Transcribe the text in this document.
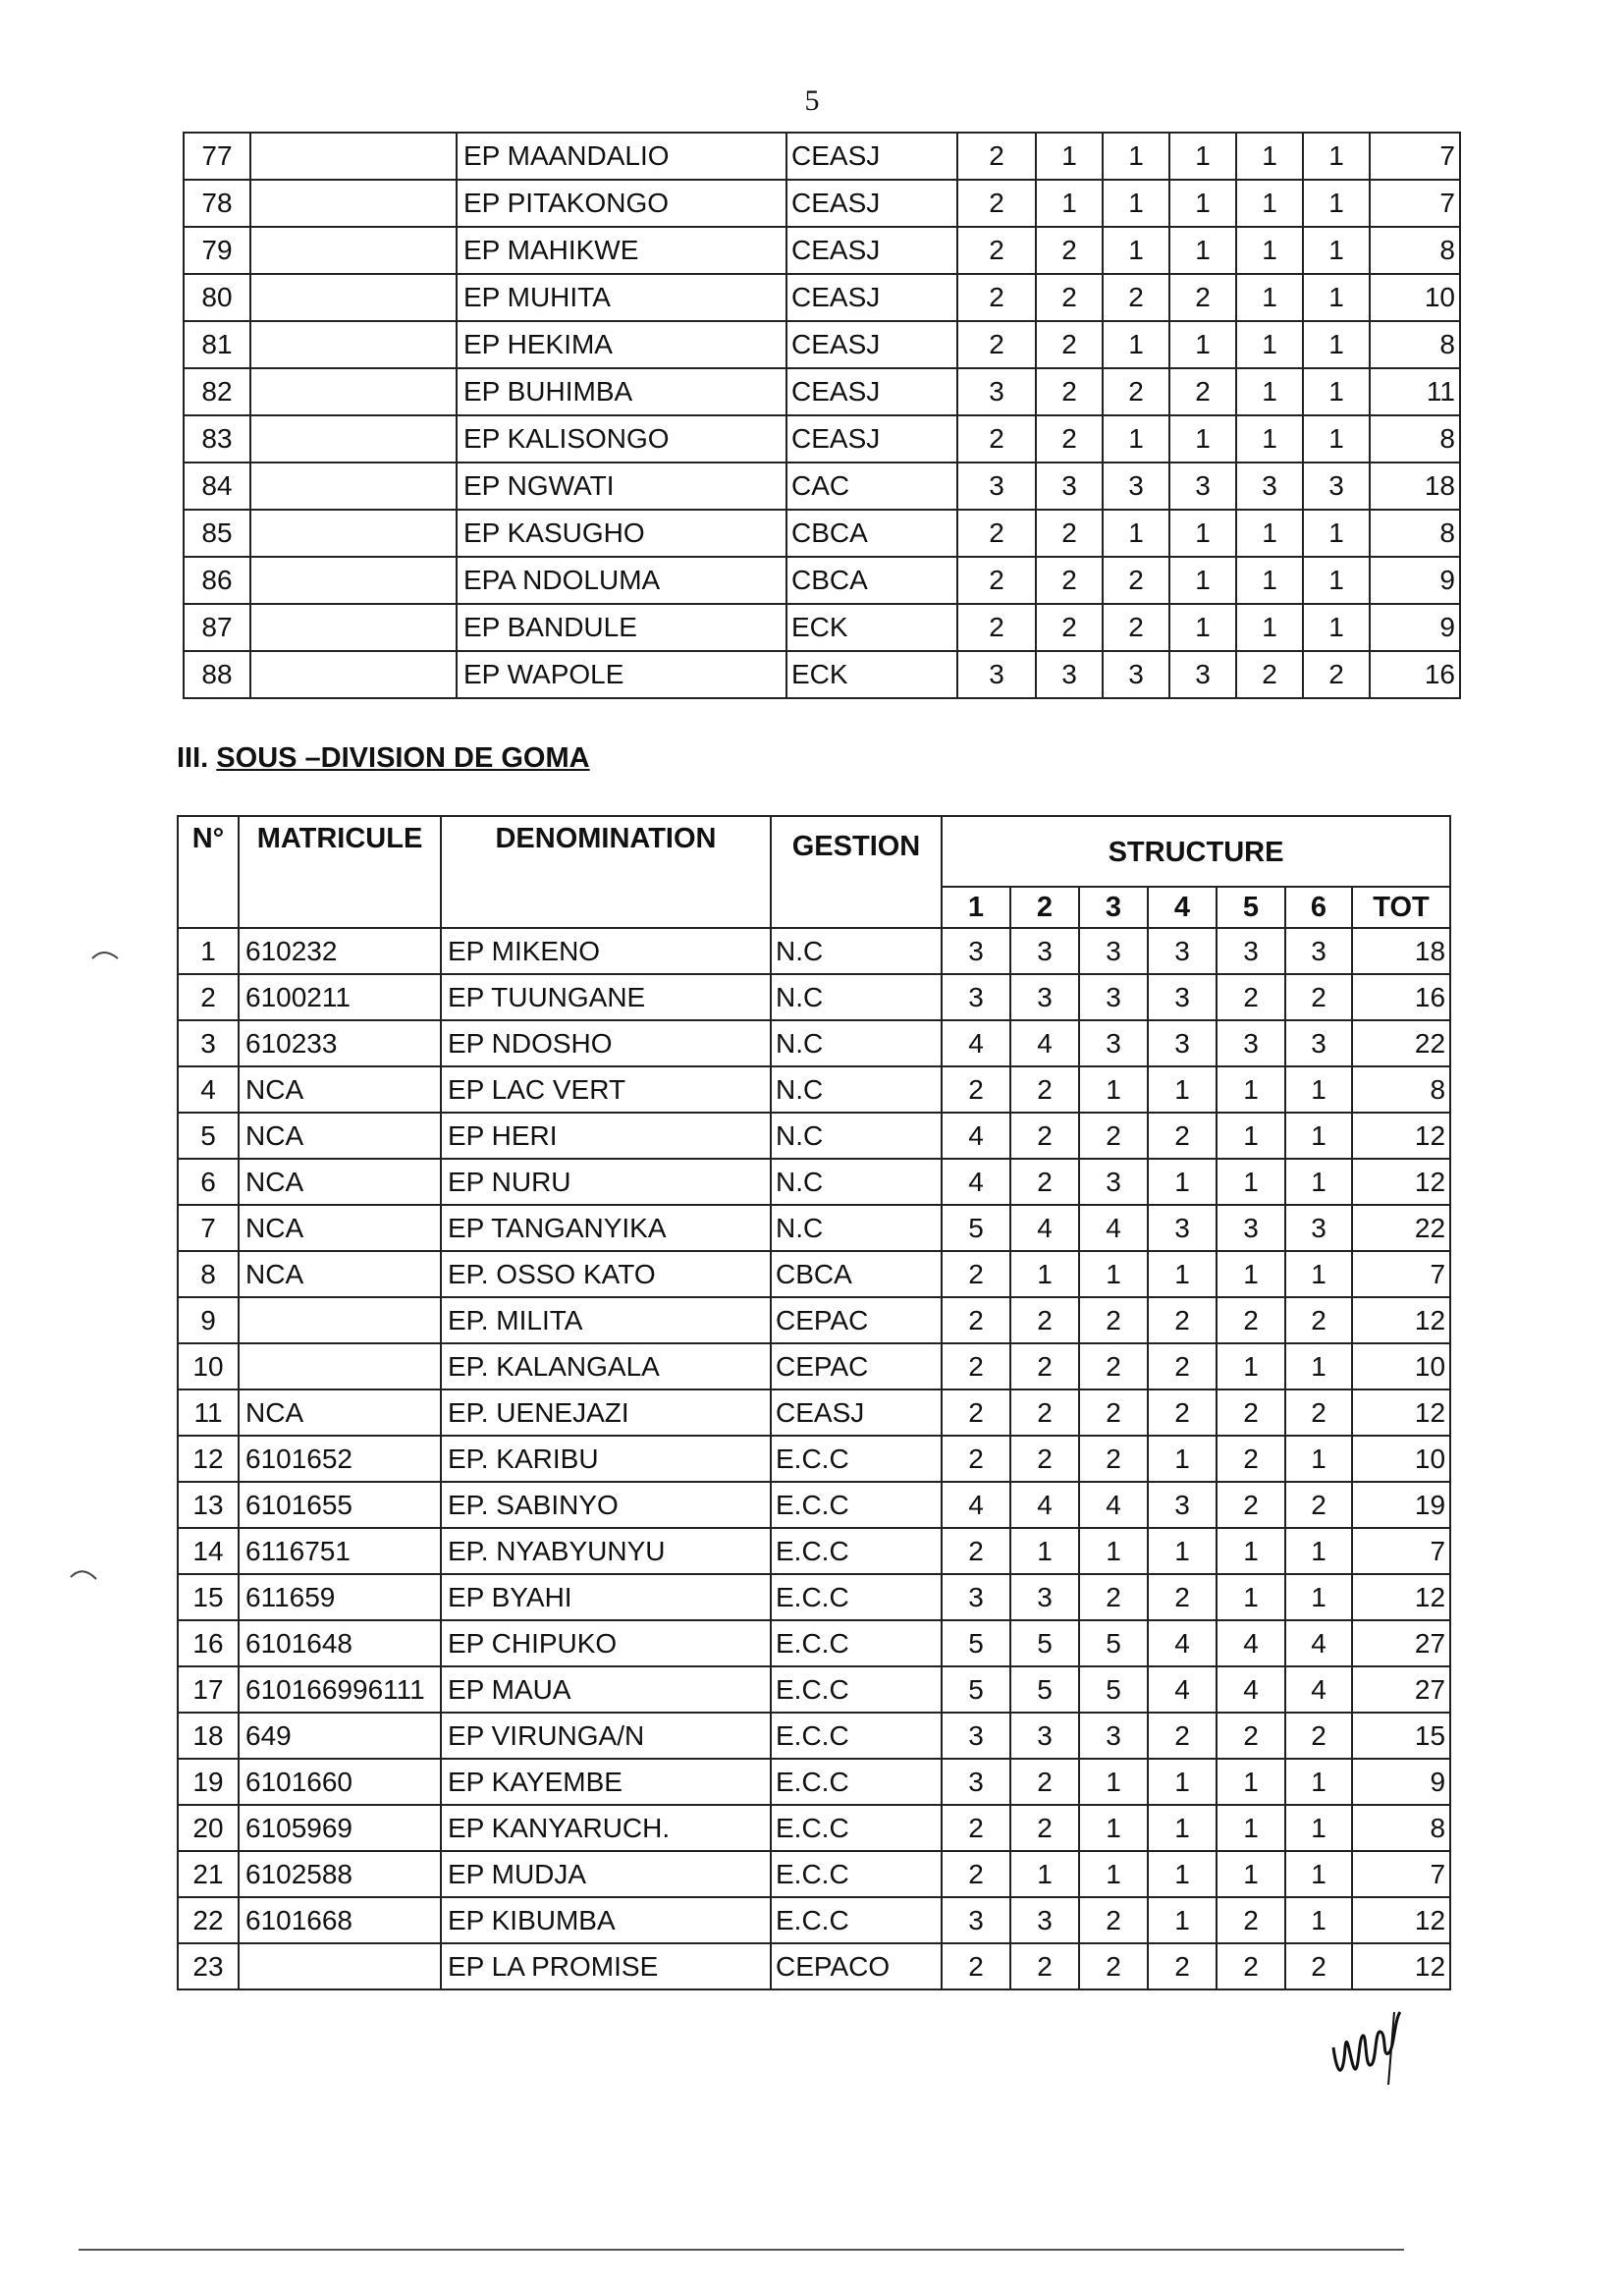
5
77		EP MAANDALIO	CEASJ	2	1	1	1	1	1	7
78		EP PITAKONGO	CEASJ	2	1	1	1	1	1	7
79		EP MAHIKWE	CEASJ	2	2	1	1	1	1	8
80		EP MUHITA	CEASJ	2	2	2	2	1	1	10
81		EP HEKIMA	CEASJ	2	2	1	1	1	1	8
82		EP BUHIMBA	CEASJ	3	2	2	2	1	1	11
83		EP KALISONGO	CEASJ	2	2	1	1	1	1	8
84		EP NGWATI	CAC	3	3	3	3	3	3	18
85		EP KASUGHO	CBCA	2	2	1	1	1	1	8
86		EPA NDOLUMA	CBCA	2	2	2	1	1	1	9
87		EP BANDULE	ECK	2	2	2	1	1	1	9
88		EP WAPOLE	ECK	3	3	3	3	2	2	16
III. SOUS –DIVISION DE GOMA
N°	MATRICULE	DENOMINATION	GESTION	STRUCTURE						
				1	2	3	4	5	6	TOT
1	610232	EP MIKENO	N.C	3	3	3	3	3	3	18
2	6100211	EP TUUNGANE	N.C	3	3	3	3	2	2	16
3	610233	EP NDOSHO	N.C	4	4	3	3	3	3	22
4	NCA	EP LAC VERT	N.C	2	2	1	1	1	1	8
5	NCA	EP HERI	N.C	4	2	2	2	1	1	12
6	NCA	EP NURU	N.C	4	2	3	1	1	1	12
7	NCA	EP TANGANYIKA	N.C	5	4	4	3	3	3	22
8	NCA	EP. OSSO KATO	CBCA	2	1	1	1	1	1	7
9		EP. MILITA	CEPAC	2	2	2	2	2	2	12
10		EP. KALANGALA	CEPAC	2	2	2	2	1	1	10
11	NCA	EP. UENEJAZI	CEASJ	2	2	2	2	2	2	12
12	6101652	EP. KARIBU	E.C.C	2	2	2	1	2	1	10
13	6101655	EP. SABINYO	E.C.C	4	4	4	3	2	2	19
14	6116751	EP. NYABYUNYU	E.C.C	2	1	1	1	1	1	7
15	611659	EP BYAHI	E.C.C	3	3	2	2	1	1	12
16	6101648	EP CHIPUKO	E.C.C	5	5	5	4	4	4	27
17	610166996111	EP MAUA	E.C.C	5	5	5	4	4	4	27
18	649	EP VIRUNGA/N	E.C.C	3	3	3	2	2	2	15
19	6101660	EP KAYEMBE	E.C.C	3	2	1	1	1	1	9
20	6105969	EP KANYARUCH.	E.C.C	2	2	1	1	1	1	8
21	6102588	EP MUDJA	E.C.C	2	1	1	1	1	1	7
22	6101668	EP KIBUMBA	E.C.C	3	3	2	1	2	1	12
23		EP LA PROMISE	CEPACO	2	2	2	2	2	2	12
